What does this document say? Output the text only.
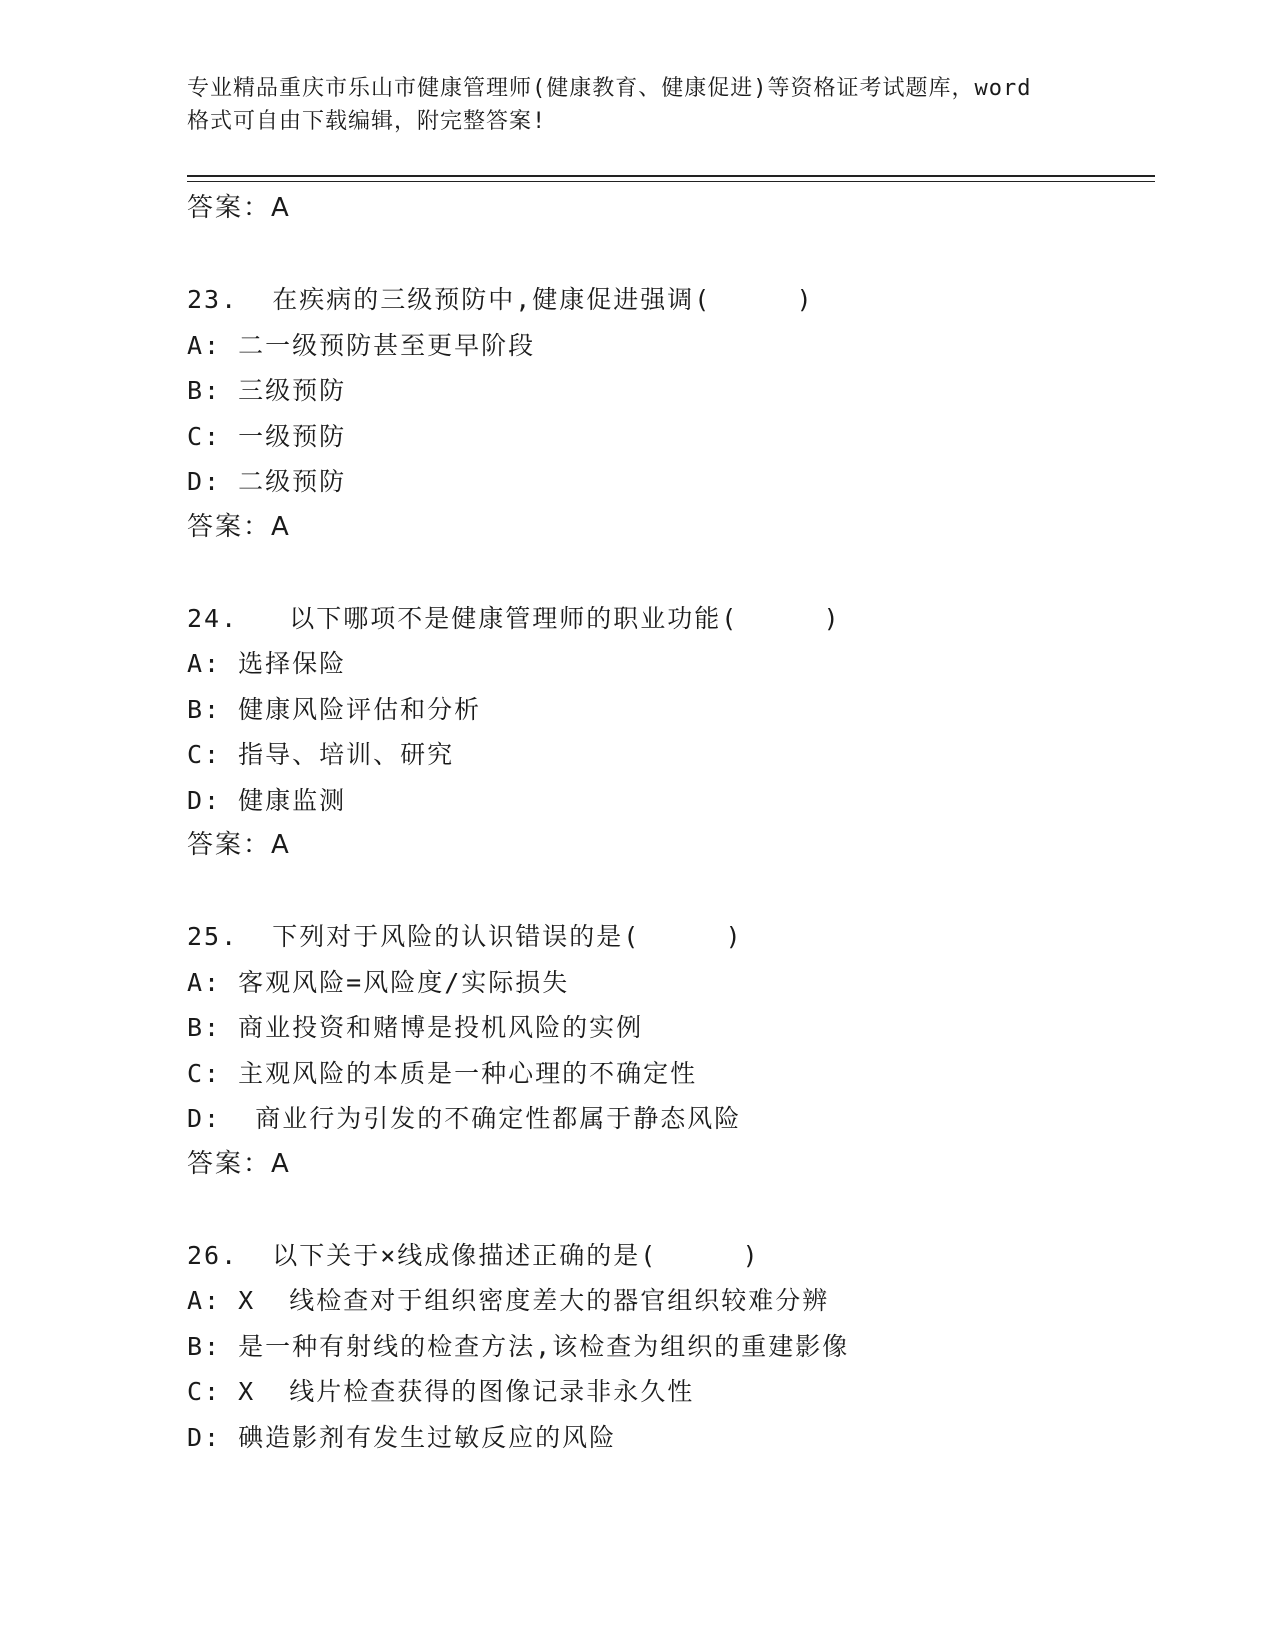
专业精品重庆市乐山市健康管理师(健康教育、健康促进)等资格证考试题库，word
格式可自由下载编辑，附完整答案!
答案：A
23.  在疾病的三级预防中,健康促进强调(     )
A: 二一级预防甚至更早阶段
B: 三级预防
C: 一级预防
D: 二级预防
答案：A
24.   以下哪项不是健康管理师的职业功能(     )
A: 选择保险
B: 健康风险评估和分析
C: 指导、培训、研究
D: 健康监测
答案：A
25.  下列对于风险的认识错误的是(     )
A: 客观风险=风险度/实际损失
B: 商业投资和赌博是投机风险的实例
C: 主观风险的本质是一种心理的不确定性
D:  商业行为引发的不确定性都属于静态风险
答案：A
26.  以下关于×线成像描述正确的是(     )
A: X  线检查对于组织密度差大的器官组织较难分辨
B: 是一种有射线的检查方法,该检查为组织的重建影像
C: X  线片检查获得的图像记录非永久性
D: 碘造影剂有发生过敏反应的风险
